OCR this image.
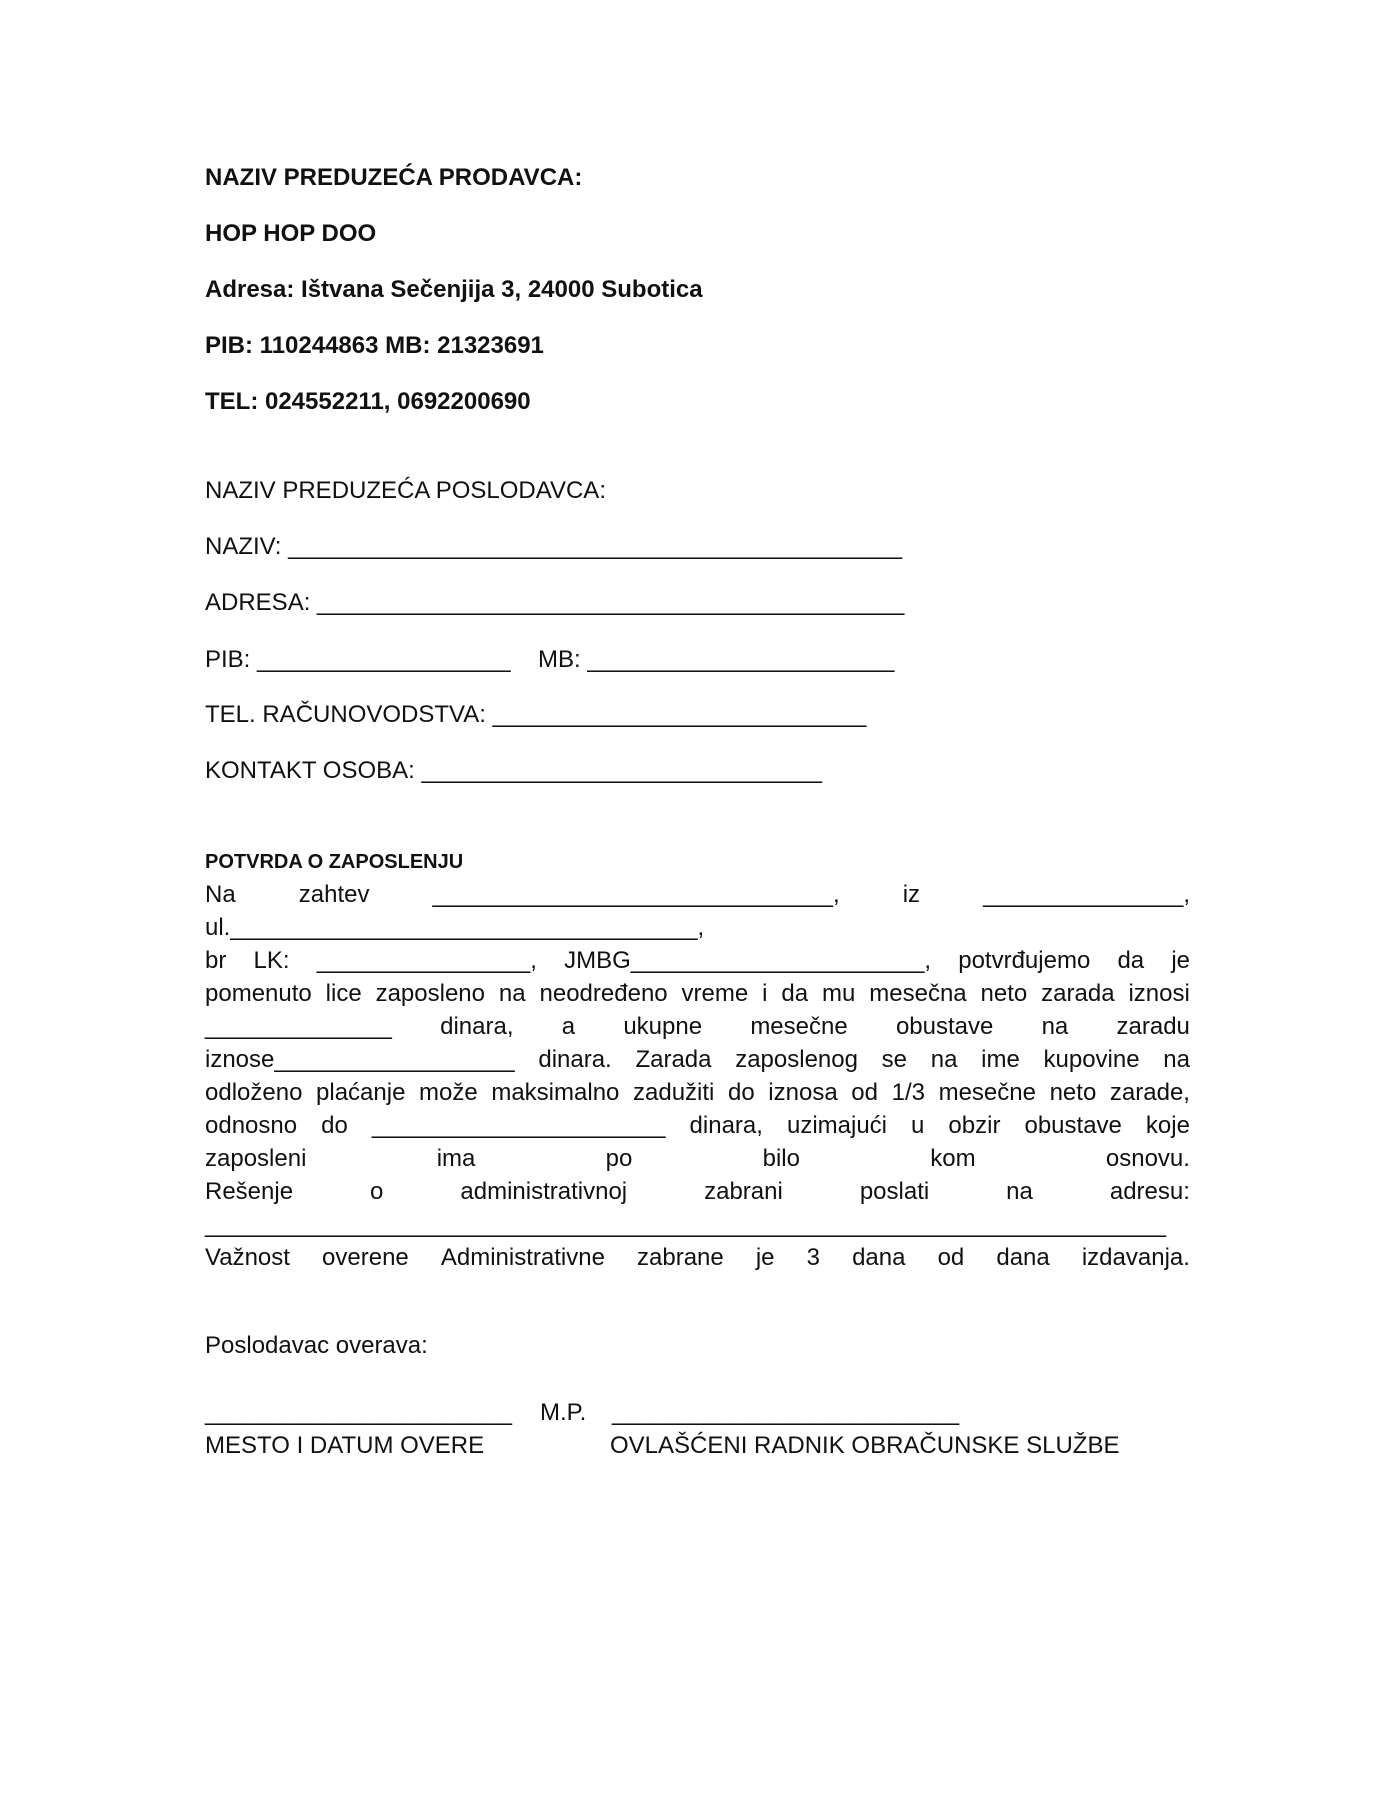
NAZIV PREDUZEĆA PRODAVCA:
HOP HOP DOO
Adresa: Ištvana Sečenjija 3, 24000 Subotica
PIB: 110244863 MB: 21323691
TEL: 024552211, 0692200690
NAZIV PREDUZEĆA POSLODAVCA:
NAZIV: ______________________________________________
ADRESA: ____________________________________________
PIB: ___________________ MB: _______________________
TEL. RAČUNOVODSTVA: ____________________________
KONTAKT OSOBA: ______________________________
POTVRDA O ZAPOSLENJU
Na	zahtev	______________________________,	iz	_______________,
ul.___________________________________,
br LK: ________________, JMBG______________________, potvrđujemo da je
pomenuto lice zaposleno na neodređeno vreme i da mu mesečna neto zarada iznosi
______________ dinara, a ukupne mesečne obustave na zaradu
iznose__________________ dinara. Zarada zaposlenog se na ime kupovine na
odloženo plaćanje može maksimalno zadužiti do iznosa od 1/3 mesečne neto zarade,
odnosno do ______________________ dinara, uzimajući u obzir obustave koje
zaposleni	ima	po	bilo	kom	osnovu.
Rešenje	o	administrativnoj	zabrani	poslati	na	adresu:
________________________________________________________________________
Važnost overene Administrativne zabrane je 3 dana od dana izdavanja.
Poslodavac overava:
_______________________ M.P. __________________________
MESTO I DATUM OVERE	OVLAŠĆENI RADNIK OBRAČUNSKE SLUŽBE
